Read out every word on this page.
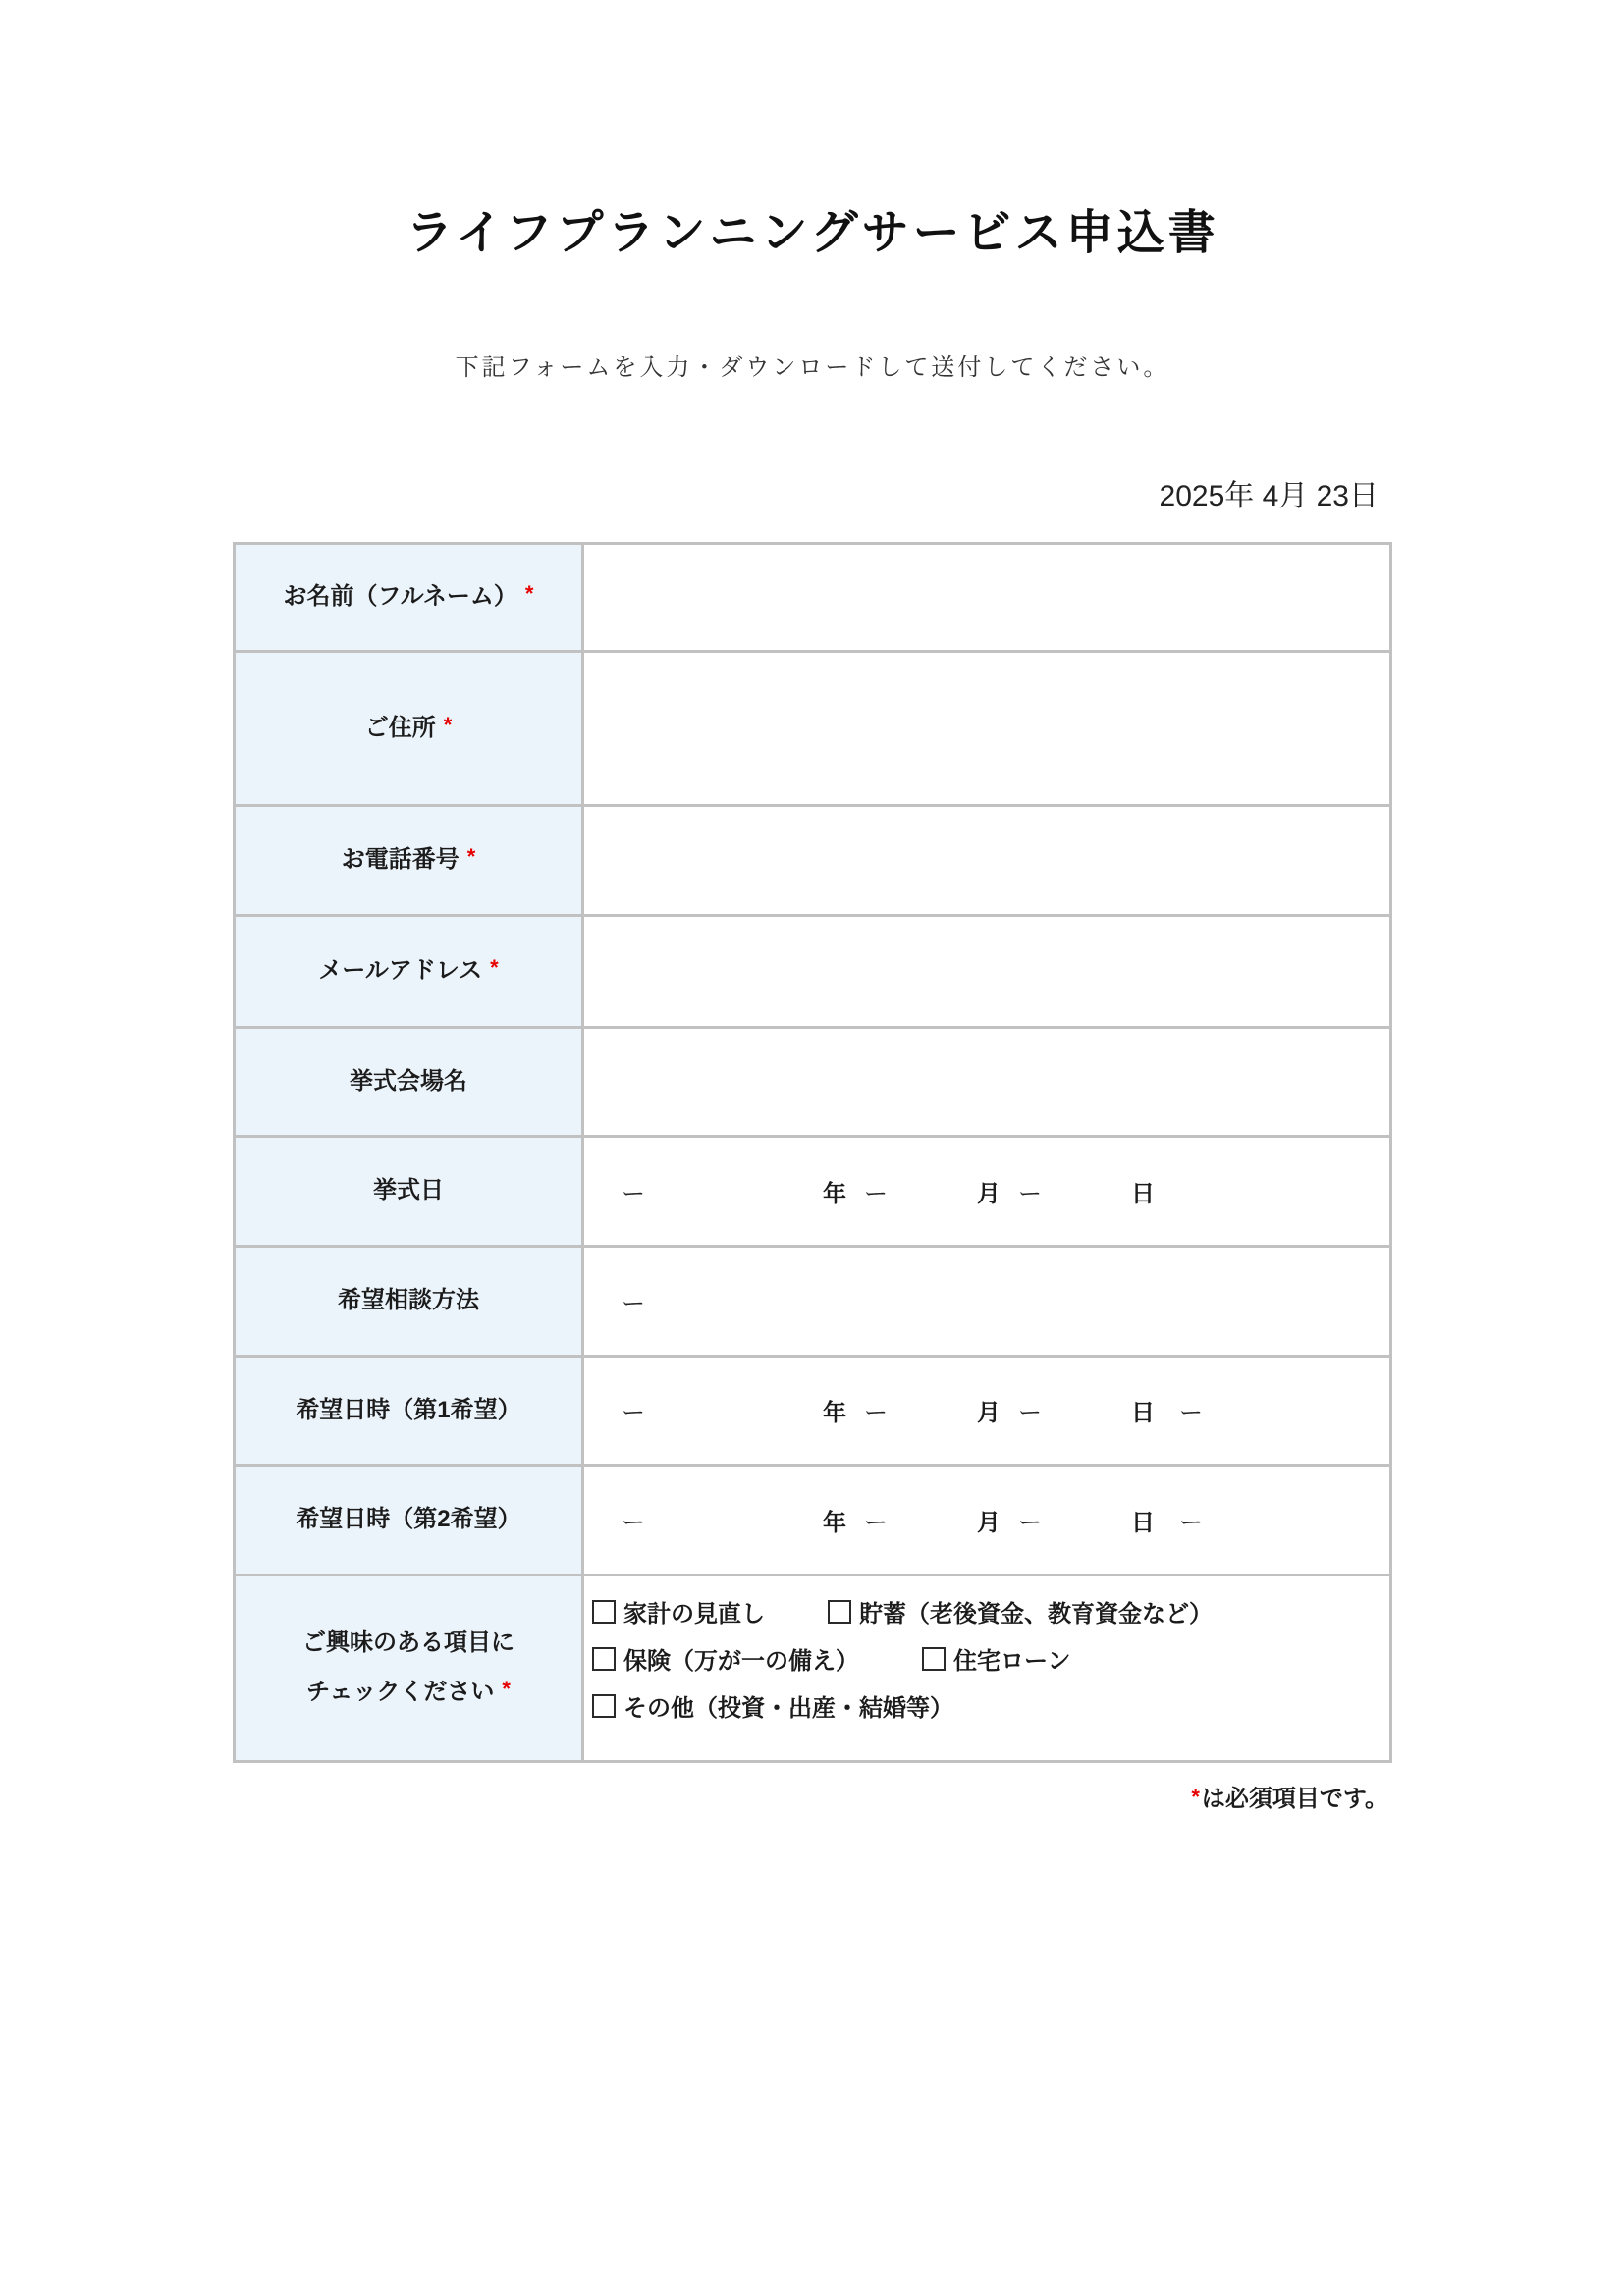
ライフプランニングサービス申込書

下記フォームを入力・ダウンロードして送付してください。

2025年 4月 23日
お名前（フルネーム） *

ご住所 *

お電話番号 *

メールアドレス *

挙式会場名

挙式日	ー	年 ー	月 ー	日

希望相談方法	ー

希望日時（第1希望）	ー	年 ー	月 ー	日 ー

希望日時（第2希望）	ー	年 ー	月 ー	日 ー

ご興味のある項目に
チェックください *

家計の見直し	貯蓄（老後資金、教育資金など）
保険（万が一の備え）	住宅ローン
その他（投資・出産・結婚等）
*は必須項目です。
